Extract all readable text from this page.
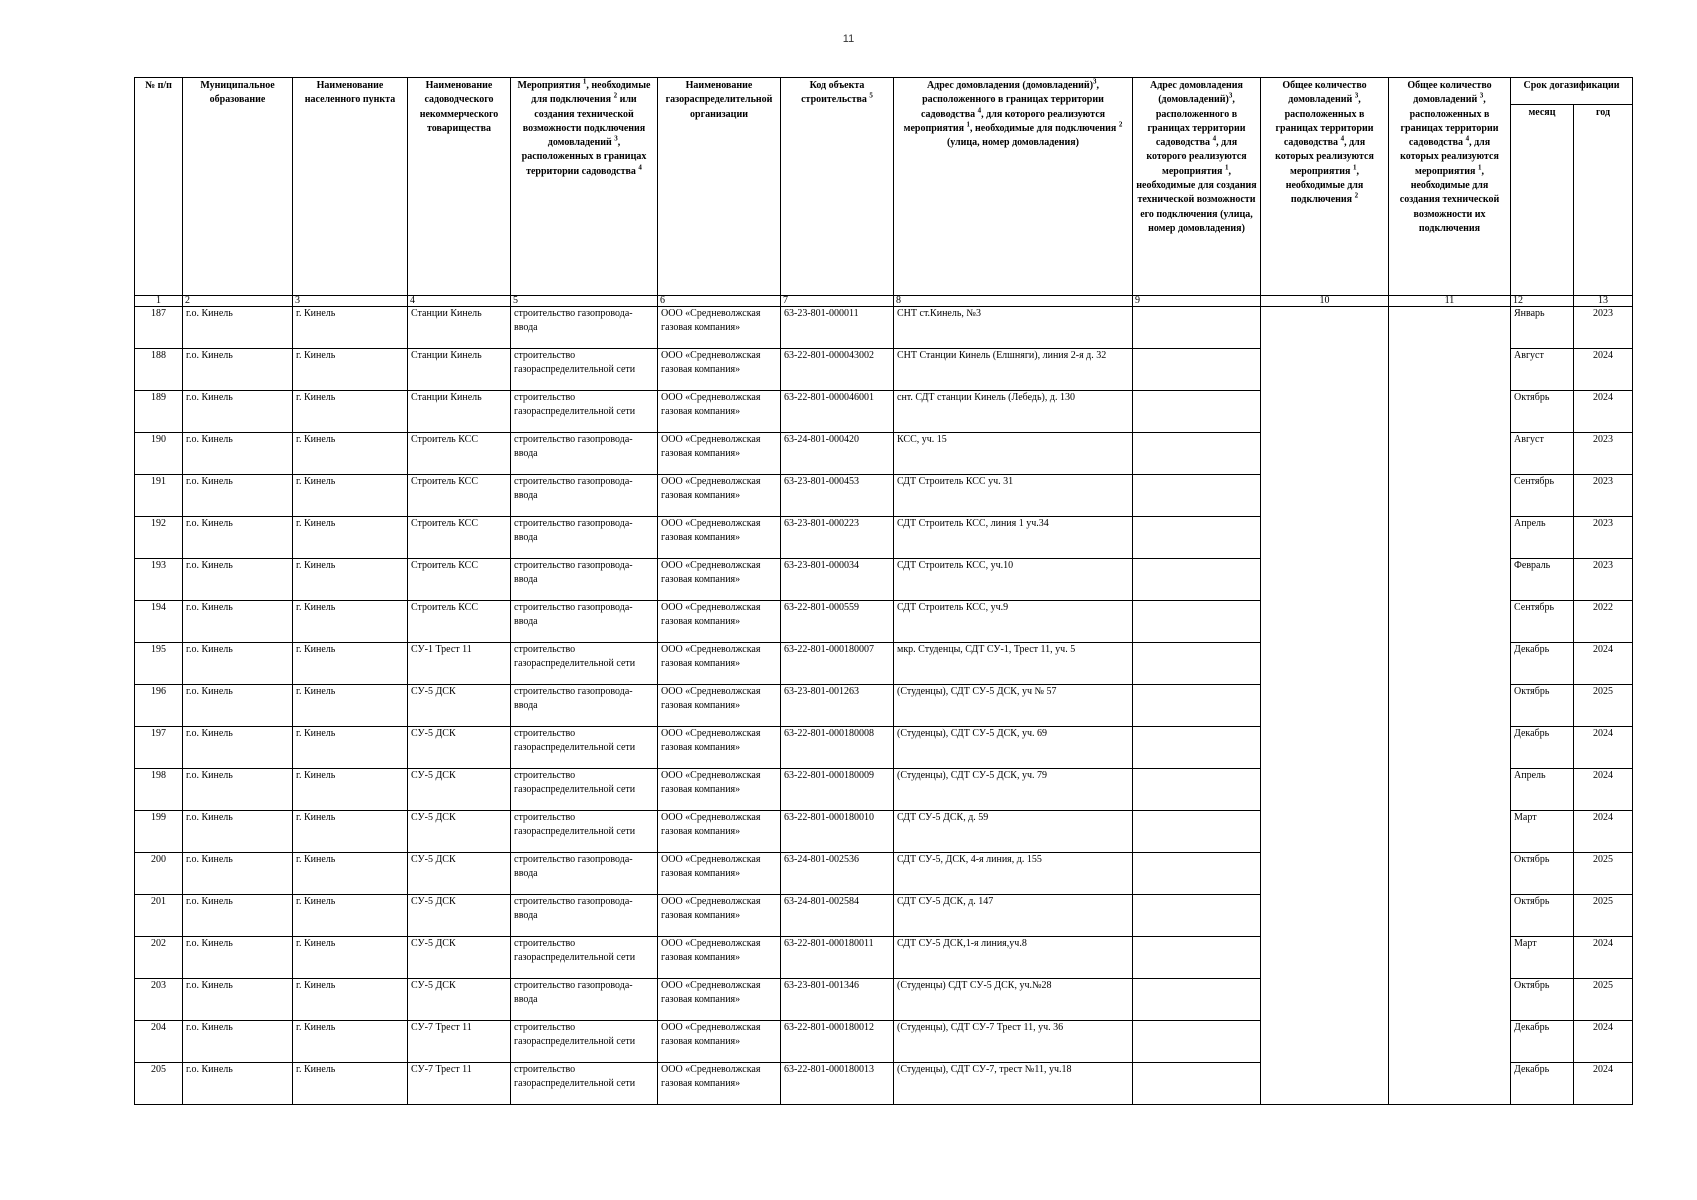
11
№ п/п	Муниципальное образование	Наименование населенного пункта	Наименование садоводческого некоммерческого товарищества	Мероприятия $^1$, необходимые для подключения $^2$ или создания технической возможности подключения домовладений $^3$, расположенных в границах территории садоводства $^4$	Наименование газораспределительной организации	Код объекта строительства $^5$	Адрес домовладения (домовладений)$^3$, расположенного в границах территории садоводства $^4$, для которого реализуются мероприятия $^1$, необходимые для подключения $^2$ (улица, номер домовладения)	Адрес домовладения (домовладений)$^3$, расположенного в границах территории садоводства $^4$, для которого реализуются мероприятия $^1$, необходимые для создания технической возможности его подключения (улица, номер домовладения)	Общее количество домовладений $^3$, расположенных в границах территории садоводства $^4$, для которых реализуются мероприятия $^1$, необходимые для подключения $^2$	Общее количество домовладений $^3$, расположенных в границах территории садоводства $^4$, для которых реализуются мероприятия $^1$, необходимые для создания технической возможности их подключения	Срок догазификации	
											месяц	год
1	2	3	4	5	6	7	8	9	10	11	12	13
187	г.о. Кинель	г. Кинель	Станции Кинель	строительство газопровода-ввода	ООО «Средневолжская газовая компания»	63-23-801-000011	СНТ ст.Кинель, №3				Январь	2023
188	г.о. Кинель	г. Кинель	Станции Кинель	строительство газораспределительной сети	ООО «Средневолжская газовая компания»	63-22-801-000043002	СНТ Станции Кинель (Елшняги), линия 2-я д. 32				Август	2024
189	г.о. Кинель	г. Кинель	Станции Кинель	строительство газораспределительной сети	ООО «Средневолжская газовая компания»	63-22-801-000046001	снт. СДТ станции Кинель (Лебедь), д. 130				Октябрь	2024
190	г.о. Кинель	г. Кинель	Строитель КСС	строительство газопровода-ввода	ООО «Средневолжская газовая компания»	63-24-801-000420	КСС, уч. 15				Август	2023
191	г.о. Кинель	г. Кинель	Строитель КСС	строительство газопровода-ввода	ООО «Средневолжская газовая компания»	63-23-801-000453	СДТ Строитель КСС уч. 31				Сентябрь	2023
192	г.о. Кинель	г. Кинель	Строитель КСС	строительство газопровода-ввода	ООО «Средневолжская газовая компания»	63-23-801-000223	СДТ Строитель КСС, линия 1 уч.34				Апрель	2023
193	г.о. Кинель	г. Кинель	Строитель КСС	строительство газопровода-ввода	ООО «Средневолжская газовая компания»	63-23-801-000034	СДТ Строитель КСС, уч.10				Февраль	2023
194	г.о. Кинель	г. Кинель	Строитель КСС	строительство газопровода-ввода	ООО «Средневолжская газовая компания»	63-22-801-000559	СДТ Строитель КСС, уч.9				Сентябрь	2022
195	г.о. Кинель	г. Кинель	СУ-1 Трест 11	строительство газораспределительной сети	ООО «Средневолжская газовая компания»	63-22-801-000180007	мкр. Студенцы, СДТ СУ-1, Трест 11, уч. 5				Декабрь	2024
196	г.о. Кинель	г. Кинель	СУ-5 ДСК	строительство газопровода-ввода	ООО «Средневолжская газовая компания»	63-23-801-001263	(Студенцы), СДТ СУ-5 ДСК, уч № 57				Октябрь	2025
197	г.о. Кинель	г. Кинель	СУ-5 ДСК	строительство газораспределительной сети	ООО «Средневолжская газовая компания»	63-22-801-000180008	(Студенцы), СДТ СУ-5 ДСК, уч. 69				Декабрь	2024
198	г.о. Кинель	г. Кинель	СУ-5 ДСК	строительство газораспределительной сети	ООО «Средневолжская газовая компания»	63-22-801-000180009	(Студенцы), СДТ СУ-5 ДСК, уч. 79				Апрель	2024
199	г.о. Кинель	г. Кинель	СУ-5 ДСК	строительство газораспределительной сети	ООО «Средневолжская газовая компания»	63-22-801-000180010	СДТ СУ-5 ДСК, д. 59				Март	2024
200	г.о. Кинель	г. Кинель	СУ-5 ДСК	строительство газопровода-ввода	ООО «Средневолжская газовая компания»	63-24-801-002536	СДТ СУ-5, ДСК, 4-я линия, д. 155				Октябрь	2025
201	г.о. Кинель	г. Кинель	СУ-5 ДСК	строительство газопровода-ввода	ООО «Средневолжская газовая компания»	63-24-801-002584	СДТ СУ-5 ДСК, д. 147				Октябрь	2025
202	г.о. Кинель	г. Кинель	СУ-5 ДСК	строительство газораспределительной сети	ООО «Средневолжская газовая компания»	63-22-801-000180011	СДТ СУ-5 ДСК,1-я линия,уч.8				Март	2024
203	г.о. Кинель	г. Кинель	СУ-5 ДСК	строительство газопровода-ввода	ООО «Средневолжская газовая компания»	63-23-801-001346	(Студенцы) СДТ СУ-5 ДСК, уч.№28				Октябрь	2025
204	г.о. Кинель	г. Кинель	СУ-7 Трест 11	строительство газораспределительной сети	ООО «Средневолжская газовая компания»	63-22-801-000180012	(Студенцы), СДТ СУ-7 Трест 11, уч. 36				Декабрь	2024
205	г.о. Кинель	г. Кинель	СУ-7 Трест 11	строительство газораспределительной сети	ООО «Средневолжская газовая компания»	63-22-801-000180013	(Студенцы), СДТ СУ-7, трест №11, уч.18				Декабрь	2024
